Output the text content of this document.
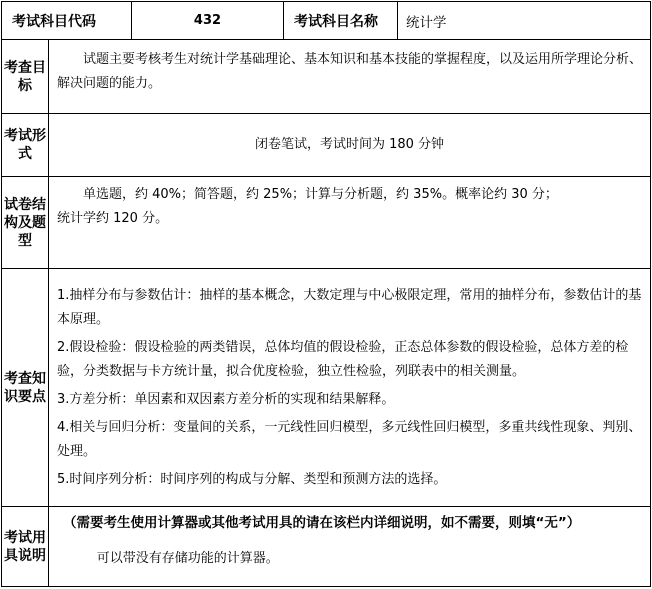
考试科目代码		432	考试科目名称	统计学
考查目标	试题主要考核考生对统计学基础理论、基本知识和基本技能的掌握程度，以及运用所学理论分析、解决问题的能力。			
考试形式	闭卷笔试，考试时间为 180 分钟			
试卷结构及题型	单选题，约 40%；简答题，约 25%；计算与分析题，约 35%。概率论约 30 分；
统计学约 120 分。			

考查知识要点	1.抽样分布与参数估计：抽样的基本概念，大数定理与中心极限定理，常用的抽样分布，参数估计的基本原理。

2.假设检验：假设检验的两类错误，总体均值的假设检验，正态总体参数的假设检验，总体方差的检验，分类数据与卡方统计量，拟合优度检验，独立性检验，列联表中的相关测量。

3.方差分析：单因素和双因素方差分析的实现和结果解释。

4.相关与回归分析：变量间的关系，一元线性回归模型，多元线性回归模型，多重共线性现象、判别、处理。

5.时间序列分析：时间序列的构成与分解、类型和预测方法的选择。			

考试用具说明	（需要考生使用计算器或其他考试用具的请在该栏内详细说明，如不需要，则填“无”）
可以带没有存储功能的计算器。			
